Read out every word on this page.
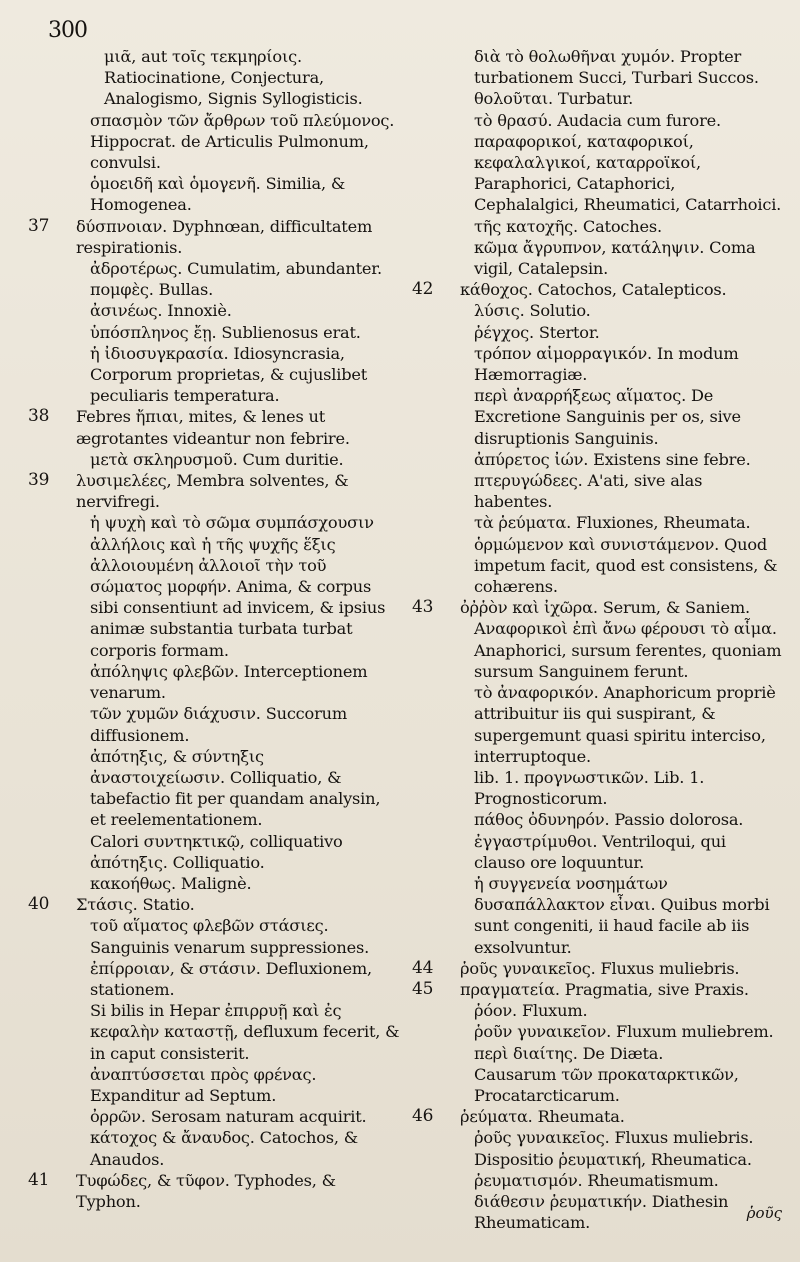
300
μιᾶ, aut τοῖς τεκμηρίοις. Ratiocinatione, Conjectura, Analogismo, Signis Syllogisticis.
σπασμὸν τῶν ἄρθρων τοῦ πλεύμονος. Hippocrat. de Articulis Pulmonum, convulsi.
ὁμοειδῆ καὶ ὁμογενῆ. Similia, & Homogenea.
37	δύσπνοιαν. Dyphnœan, difficultatem respirationis.
ἀδροτέρως. Cumulatim, abundanter.
πομφὲς. Bullas.
ἀσινέως. Innoxiè.
ὑπόσπληνος ἔῃ. Sublienosus erat.
ἡ ἰδιοσυγκρασία. Idiosyncrasia, Corporum proprietas, & cujuslibet peculiaris temperatura.
38	Febres ἤπιαι, mites, & lenes ut ægrotantes videantur non febrire.
μετὰ σκληρυσμοῦ. Cum duritie.
39	λυσιμελέες, Membra solventes, & nervifregi.
ἡ ψυχὴ καὶ τὸ σῶμα συμπάσχουσιν ἀλλήλοις καὶ ἡ τῆς ψυχῆς ἕξις ἀλλοιουμένη ἀλλοιοῖ τὴν τοῦ σώματος μορφήν. Anima, & corpus sibi consentiunt ad invicem, & ipsius animæ substantia turbata turbat corporis formam.
ἀπόληψις φλεβῶν. Interceptionem venarum.
τῶν χυμῶν διάχυσιν. Succorum diffusionem.
ἀπότηξις, & σύντηξις ἀναστοιχείωσιν. Colliquatio, & tabefactio fit per quandam analysin, et reelementationem.
Calori συντηκτικῷ, colliquativo
ἀπότηξις. Colliquatio.
κακοήθως. Malignè.
40	Στάσις. Statio.
τοῦ αἵματος φλεβῶν στάσιες. Sanguinis venarum suppressiones.
ἐπίρροιαν, & στάσιν. Defluxionem, stationem.
Si bilis in Hepar ἐπιρρυῇ καὶ ἐς κεφαλὴν καταστῇ, defluxum fecerit, & in caput consisterit.
ἀναπτύσσεται πρὸς φρένας. Expanditur ad Septum.
ὀρρῶν. Serosam naturam acquirit.
κάτοχος & ἄναυδος. Catochos, & Anaudos.
41	Τυφώδες, & τῦφον. Typhodes, & Typhon.
διὰ τὸ θολωθῆναι χυμόν. Propter turbationem Succi, Turbari Succos.
θολοῦται. Turbatur.
τὸ θρασύ. Audacia cum furore.
παραφορικοί, καταφορικοί, κεφαλαλγικοί, καταρροϊκοί, Paraphorici, Cataphorici, Cephalalgici, Rheumatici, Catarrhoici.
τῆς κατοχῆς. Catoches.
κῶμα ἄγρυπνον, κατάληψιν. Coma vigil, Catalepsin.
42	κάθοχος. Catochos, Catalepticos.
λύσις. Solutio.
ῥέγχος. Stertor.
τρόπον αἱμορραγικόν. In modum Hæmorragiæ.
περὶ ἀναρρήξεως αἵματος. De Excretione Sanguinis per os, sive disruptionis Sanguinis.
ἀπύρετος ἰών. Existens sine febre.
πτερυγώδεες. A'ati, sive alas habentes.
τὰ ῥεύματα. Fluxiones, Rheumata.
ὁρμώμενον καὶ συνιστάμενον. Quod impetum facit, quod est consistens, & cohærens.
43	ὀῤῥὸν καὶ ἰχῶρα. Serum, & Saniem.
Αναφορικοὶ ἐπὶ ἄνω φέρουσι τὸ αἷμα. Anaphorici, sursum ferentes, quoniam sursum Sanguinem ferunt.
τὸ ἀναφορικόν. Anaphoricum propriè attribuitur iis qui suspirant, & supergemunt quasi spiritu interciso, interruptoque.
lib. 1. προγνωστικῶν. Lib. 1. Prognosticorum.
πάθος ὀδυνηρόν. Passio dolorosa.
ἐγγαστρίμυθοι. Ventriloqui, qui clauso ore loquuntur.
ἡ συγγενεία νοσημάτων δυσαπάλλακτον εἶναι. Quibus morbi sunt congeniti, ii haud facile ab iis exsolvuntur.
44	ῥοῦς γυναικεῖος. Fluxus muliebris.
45	πραγματεία. Pragmatia, sive Praxis.
ῥόον. Fluxum.
ῥοῦν γυναικεῖον. Fluxum muliebrem.
περὶ διαίτης. De Diæta.
Causarum τῶν προκαταρκτικῶν, Procatarcticarum.
46	ῥεύματα. Rheumata.
ῥοῦς γυναικεῖος. Fluxus muliebris.
Dispositio ῥευματική, Rheumatica.
ῥευματισμόν. Rheumatismum.
διάθεσιν ῥευματικήν. Diathesin Rheumaticam.
ῥοῦς
